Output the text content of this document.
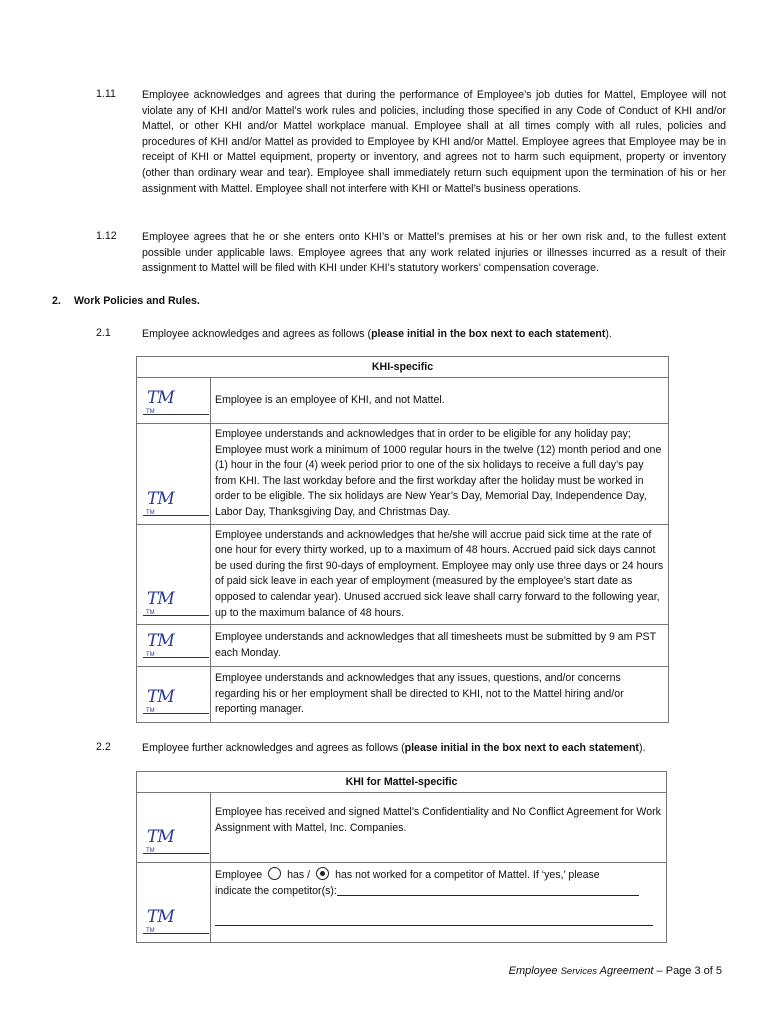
1.11 Employee acknowledges and agrees that during the performance of Employee’s job duties for Mattel, Employee will not violate any of KHI and/or Mattel’s work rules and policies, including those specified in any Code of Conduct of KHI and/or Mattel, or other KHI and/or Mattel workplace manual. Employee shall at all times comply with all rules, policies and procedures of KHI and/or Mattel as provided to Employee by KHI and/or Mattel. Employee agrees that Employee may be in receipt of KHI or Mattel equipment, property or inventory, and agrees not to harm such equipment, property or inventory (other than ordinary wear and tear). Employee shall immediately return such equipment upon the termination of his or her assignment with Mattel. Employee shall not interfere with KHI or Mattel’s business operations.
1.12 Employee agrees that he or she enters onto KHI’s or Mattel’s premises at his or her own risk and, to the fullest extent possible under applicable laws. Employee agrees that any work related injuries or illnesses incurred as a result of their assignment to Mattel will be filed with KHI under KHI’s statutory workers’ compensation coverage.
2. Work Policies and Rules.
2.1	Employee acknowledges and agrees as follows (please initial in the box next to each statement).
KHI-specific	

TM
TM	Employee is an employee of KHI, and not Mattel.

TM
TM	Employee understands and acknowledges that in order to be eligible for any holiday pay; Employee must work a minimum of 1000 regular hours in the twelve (12) month period and one (1) hour in the four (4) week period prior to one of the six holidays to receive a full day’s pay from KHI. The last workday before and the first workday after the holiday must be worked in order to be eligible. The six holidays are New Year’s Day, Memorial Day, Independence Day, Labor Day, Thanksgiving Day, and Christmas Day.

TM
TM	Employee understands and acknowledges that he/she will accrue paid sick time at the rate of one hour for every thirty worked, up to a maximum of 48 hours. Accrued paid sick days cannot be used during the first 90-days of employment. Employee may only use three days or 24 hours of paid sick leave in each year of employment (measured by the employee’s start date as opposed to calendar year). Unused accrued sick leave shall carry forward to the following year, up to the maximum balance of 48 hours.

TM
TM	Employee understands and acknowledges that all timesheets must be submitted by 9 am PST each Monday.

TM
TM	Employee understands and acknowledges that any issues, questions, and/or concerns regarding his or her employment shall be directed to KHI, not to the Mattel hiring and/or reporting manager.
2.2	Employee further acknowledges and agrees as follows (please initial in the box next to each statement).
KHI for Mattel-specific	

TM
TM	Employee has received and signed Mattel’s Confidentiality and No Conflict Agreement for Work Assignment with Mattel, Inc. Companies.

TM
TM	Employee has / has not worked for a competitor of Mattel. If ‘yes,’ please
indicate the competitor(s):
Employee Services Agreement – Page 3 of 5
